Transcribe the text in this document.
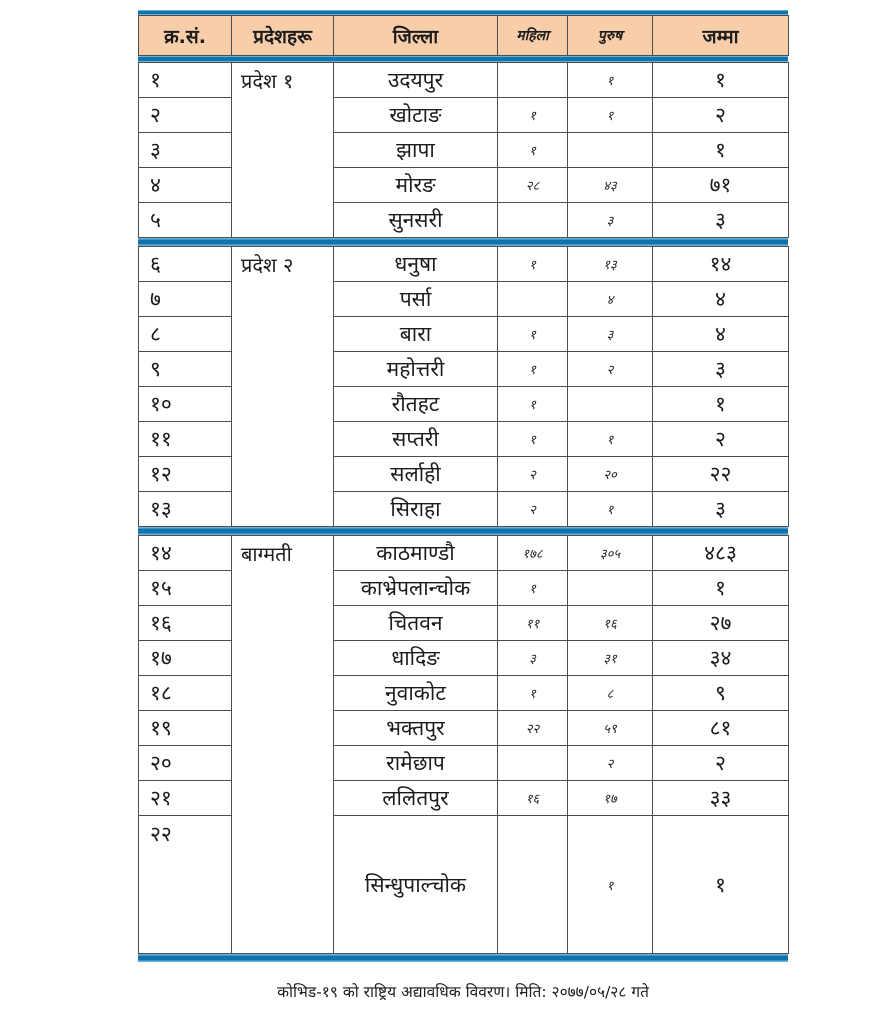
क्र.सं.	प्रदेशहरू	जिल्ला	महिला	पुरुष	जम्मा
१	प्रदेश १	उदयपुर		१	१
२		खोटाङ	१	१	२
३		झापा	१		१
४		मोरङ	२८	४३	७१
५		सुनसरी		३	३
६	प्रदेश २	धनुषा	१	१३	१४
७		पर्सा		४	४
८		बारा	१	३	४
९		महोत्तरी	१	२	३
१०		रौतहट	१		१
११		सप्तरी	१	१	२
१२		सर्लाही	२	२०	२२
१३		सिराहा	२	१	३
१४	बाग्मती	काठमाण्डौ	१७८	३०५	४८३
१५		काभ्रेपलान्चोक	१		१
१६		चितवन	११	१६	२७
१७		धादिङ	३	३१	३४
१८		नुवाकोट	१	८	९
१९		भक्तपुर	२२	५९	८१
२०		रामेछाप		२	२
२१		ललितपुर	१६	१७	३३
२२		सिन्धुपाल्चोक		१	१
कोभिड-१९ को राष्ट्रिय अद्यावधिक विवरण। मिति: २०७७/०५/२८ गते
